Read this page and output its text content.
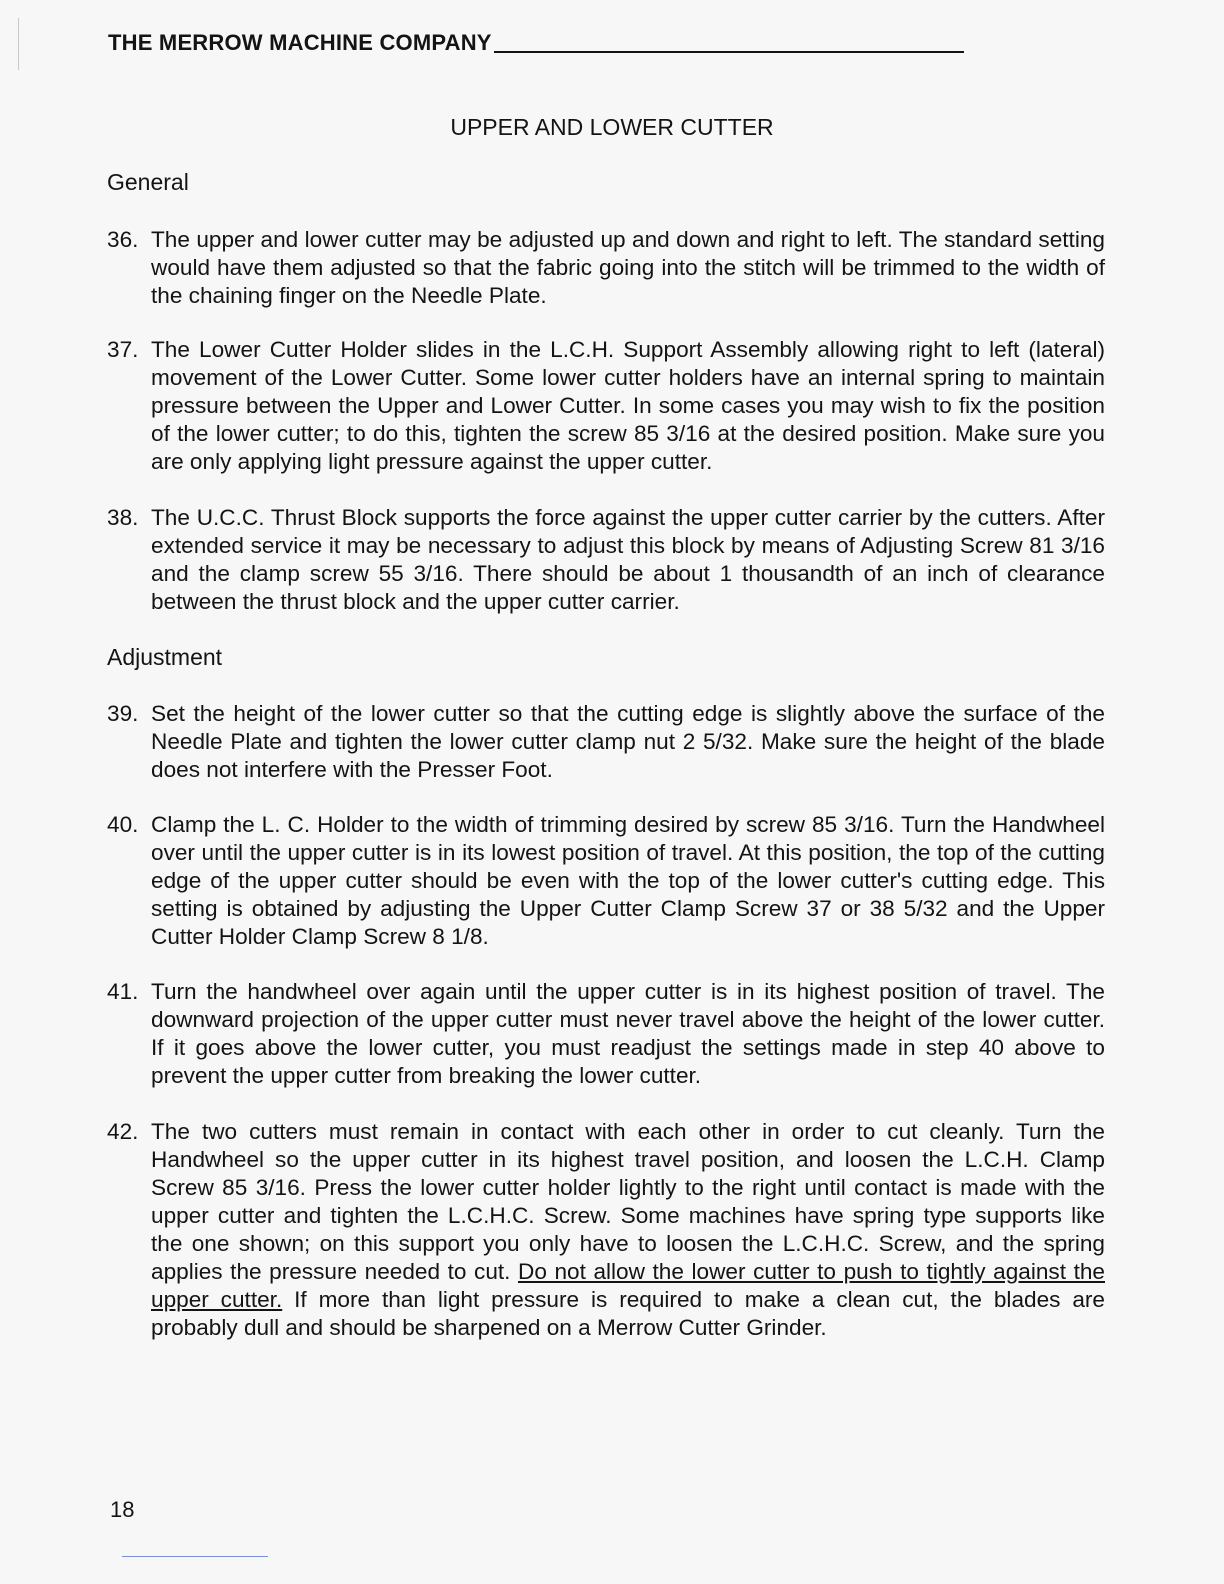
THE MERROW MACHINE COMPANY
UPPER AND LOWER CUTTER
General
36. The upper and lower cutter may be adjusted up and down and right to left. The standard setting would have them adjusted so that the fabric going into the stitch will be trimmed to the width of the chaining finger on the Needle Plate.
37. The Lower Cutter Holder slides in the L.C.H. Support Assembly allowing right to left (lateral) movement of the Lower Cutter. Some lower cutter holders have an internal spring to maintain pressure between the Upper and Lower Cutter. In some cases you may wish to fix the position of the lower cutter; to do this, tighten the screw 85 3/16 at the desired position. Make sure you are only applying light pressure against the upper cutter.
38. The U.C.C. Thrust Block supports the force against the upper cutter carrier by the cutters. After extended service it may be necessary to adjust this block by means of Adjusting Screw 81 3/16 and the clamp screw 55 3/16. There should be about 1 thousandth of an inch of clearance between the thrust block and the upper cutter carrier.
Adjustment
39. Set the height of the lower cutter so that the cutting edge is slightly above the surface of the Needle Plate and tighten the lower cutter clamp nut 2 5/32. Make sure the height of the blade does not interfere with the Presser Foot.
40. Clamp the L. C. Holder to the width of trimming desired by screw 85 3/16. Turn the Handwheel over until the upper cutter is in its lowest position of travel. At this position, the top of the cutting edge of the upper cutter should be even with the top of the lower cutter's cutting edge. This setting is obtained by adjusting the Upper Cutter Clamp Screw 37 or 38 5/32 and the Upper Cutter Holder Clamp Screw 8 1/8.
41. Turn the handwheel over again until the upper cutter is in its highest position of travel. The downward projection of the upper cutter must never travel above the height of the lower cutter. If it goes above the lower cutter, you must readjust the settings made in step 40 above to prevent the upper cutter from breaking the lower cutter.
42. The two cutters must remain in contact with each other in order to cut cleanly. Turn the Handwheel so the upper cutter in its highest travel position, and loosen the L.C.H. Clamp Screw 85 3/16. Press the lower cutter holder lightly to the right until contact is made with the upper cutter and tighten the L.C.H.C. Screw. Some machines have spring type supports like the one shown; on this support you only have to loosen the L.C.H.C. Screw, and the spring applies the pressure needed to cut. Do not allow the lower cutter to push to tightly against the upper cutter. If more than light pressure is required to make a clean cut, the blades are probably dull and should be sharpened on a Merrow Cutter Grinder.
18
